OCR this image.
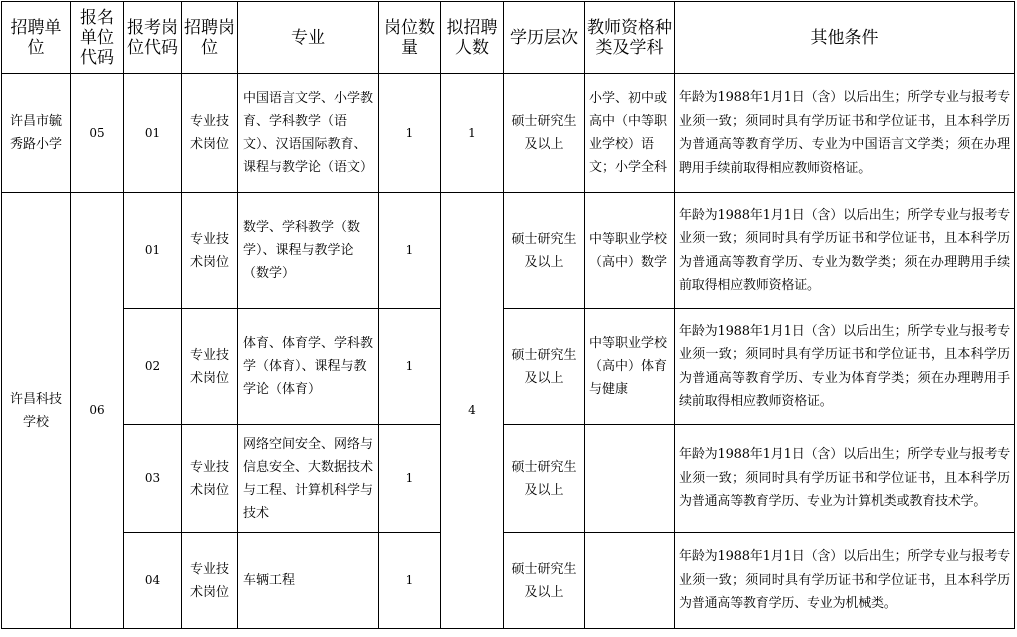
招聘单位	报名单位代码	报考岗位代码	招聘岗位	专业	岗位数量	拟招聘人数	学历层次	教师资格种类及学科	其他条件
许昌市毓秀路小学	05	01	专业技术岗位	中国语言文学、小学教育、学科教学（语文）、汉语国际教育、课程与教学论（语文）	1	1	硕士研究生及以上	小学、初中或高中（中等职业学校）语文；小学全科	年龄为1988年1月1日（含）以后出生；所学专业与报考专业须一致；须同时具有学历证书和学位证书，且本科学历为普通高等教育学历、专业为中国语言文学类；须在办理聘用手续前取得相应教师资格证。
许昌科技学校	06	01	专业技术岗位	数学、学科教学（数学）、课程与教学论（数学）	1	4	硕士研究生及以上	中等职业学校（高中）数学	年龄为1988年1月1日（含）以后出生；所学专业与报考专业须一致；须同时具有学历证书和学位证书，且本科学历为普通高等教育学历、专业为数学类；须在办理聘用手续前取得相应教师资格证。
		02	专业技术岗位	体育、体育学、学科教学（体育）、课程与教学论（体育）	1		硕士研究生及以上	中等职业学校（高中）体育与健康	年龄为1988年1月1日（含）以后出生；所学专业与报考专业须一致；须同时具有学历证书和学位证书，且本科学历为普通高等教育学历、专业为体育学类；须在办理聘用手续前取得相应教师资格证。
		03	专业技术岗位	网络空间安全、网络与信息安全、大数据技术与工程、计算机科学与技术	1		硕士研究生及以上		年龄为1988年1月1日（含）以后出生；所学专业与报考专业须一致；须同时具有学历证书和学位证书，且本科学历为普通高等教育学历、专业为计算机类或教育技术学。
		04	专业技术岗位	车辆工程	1		硕士研究生及以上		年龄为1988年1月1日（含）以后出生；所学专业与报考专业须一致；须同时具有学历证书和学位证书，且本科学历为普通高等教育学历、专业为机械类。
